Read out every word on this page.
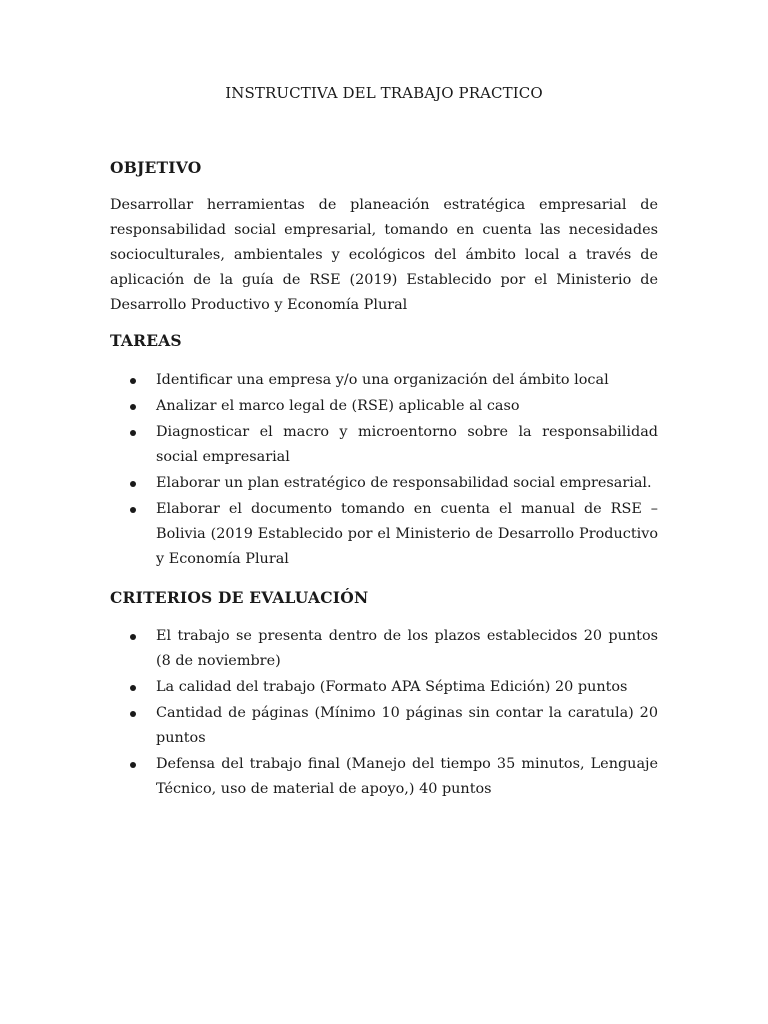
INSTRUCTIVA DEL TRABAJO PRACTICO
OBJETIVO

Desarrollar herramientas de planeación estratégica empresarial de responsabilidad social empresarial, tomando en cuenta las necesidades socioculturales, ambientales y ecológicos del ámbito local a través de aplicación de la guía de RSE (2019) Establecido por el Ministerio de Desarrollo Productivo y Economía Plural

TAREAS
Identificar una empresa y/o una organización del ámbito local
Analizar el marco legal de (RSE) aplicable al caso
Diagnosticar el macro y microentorno sobre la responsabilidad social empresarial
Elaborar un plan estratégico de responsabilidad social empresarial.
Elaborar el documento tomando en cuenta el manual de RSE – Bolivia (2019 Establecido por el Ministerio de Desarrollo Productivo y Economía Plural
CRITERIOS DE EVALUACIÓN
El trabajo se presenta dentro de los plazos establecidos 20 puntos (8 de noviembre)
La calidad del trabajo (Formato APA Séptima Edición) 20 puntos
Cantidad de páginas (Mínimo 10 páginas sin contar la caratula) 20 puntos
Defensa del trabajo final (Manejo del tiempo 35 minutos, Lenguaje Técnico, uso de material de apoyo,) 40 puntos
